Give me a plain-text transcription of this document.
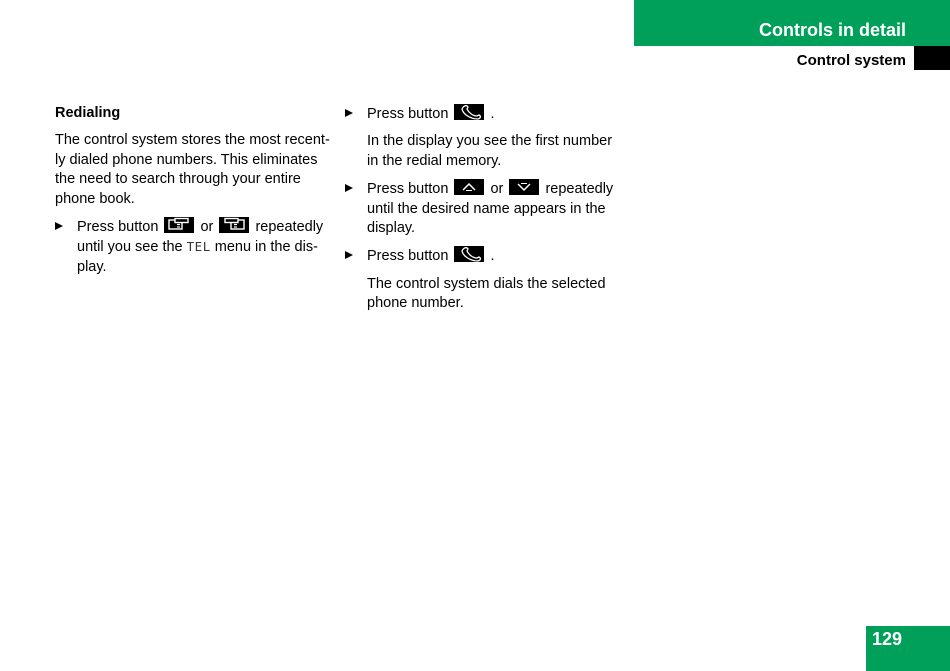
Controls in detail
Control system
Redialing

The control system stores the most recent-ly dialed phone numbers. This eliminates the need to search through your entire phone book.

Press button	or	repeatedly until you see the TEL menu in the dis-play.
Press button	.
In the display you see the first number in the redial memory.
Press button	or	repeatedly until the desired name appears in the display.
Press button	.
The control system dials the selected phone number.
129
